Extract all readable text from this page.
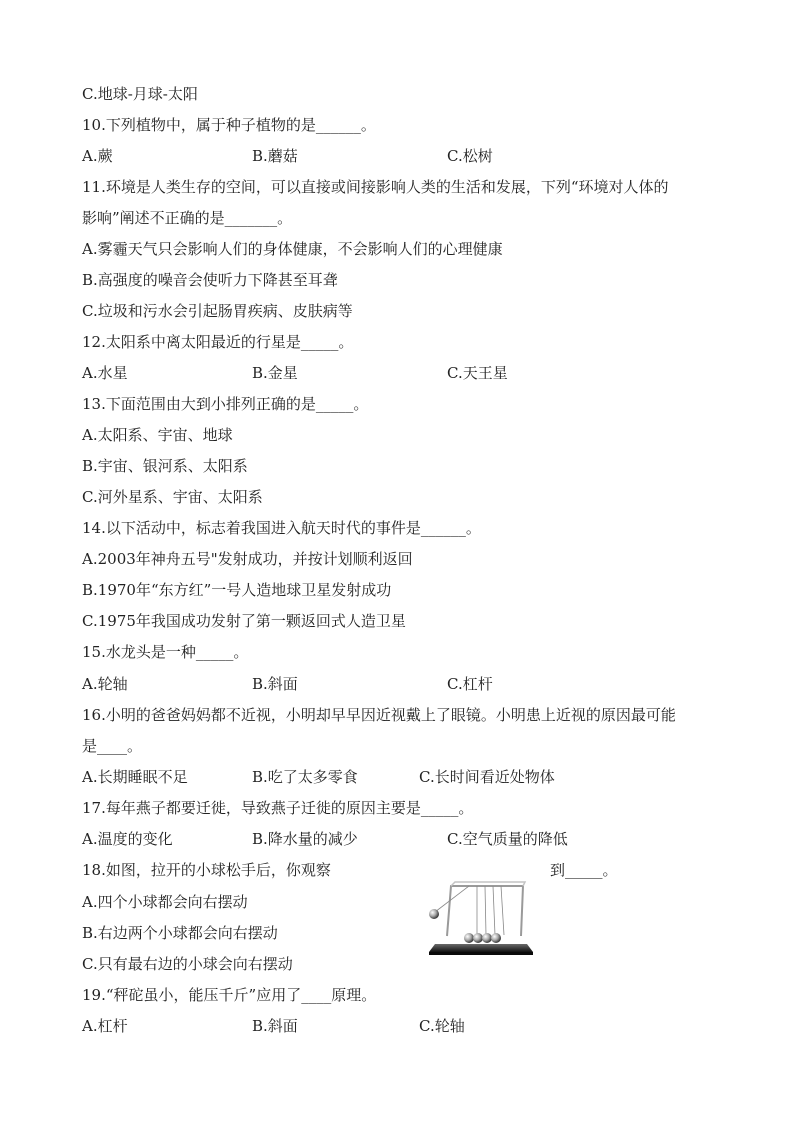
C.地球-月球-太阳
10.下列植物中，属于种子植物的是______。
A.蕨	B.蘑菇	C.松树
11.环境是人类生存的空间，可以直接或间接影响人类的生活和发展，下列“环境对人体的
影响”阐述不正确的是_______。
A.雾霾天气只会影响人们的身体健康，不会影响人们的心理健康
B.高强度的噪音会使听力下降甚至耳聋
C.垃圾和污水会引起肠胃疾病、皮肤病等
12.太阳系中离太阳最近的行星是_____。
A.水星	B.金星	C.天王星
13.下面范围由大到小排列正确的是_____。
A.太阳系、宇宙、地球
B.宇宙、银河系、太阳系
C.河外星系、宇宙、太阳系
14.以下活动中，标志着我国进入航天时代的事件是______。
A.2003年神舟五号"发射成功，并按计划顺利返回
B.1970年“东方红”一号人造地球卫星发射成功
C.1975年我国成功发射了第一颗返回式人造卫星
15.水龙头是一种_____。
A.轮轴	B.斜面	C.杠杆
16.小明的爸爸妈妈都不近视，小明却早早因近视戴上了眼镜。小明患上近视的原因最可能
是____。
A.长期睡眠不足	B.吃了太多零食	C.长时间看近处物体
17.每年燕子都要迁徙，导致燕子迁徙的原因主要是_____。
A.温度的变化	B.降水量的减少	C.空气质量的降低
18.如图，拉开的小球松手后，你观察	到_____。
A.四个小球都会向右摆动
B.右边两个小球都会向右摆动
C.只有最右边的小球会向右摆动
19.“秤砣虽小，能压千斤”应用了____原理。
A.杠杆	B.斜面	C.轮轴
